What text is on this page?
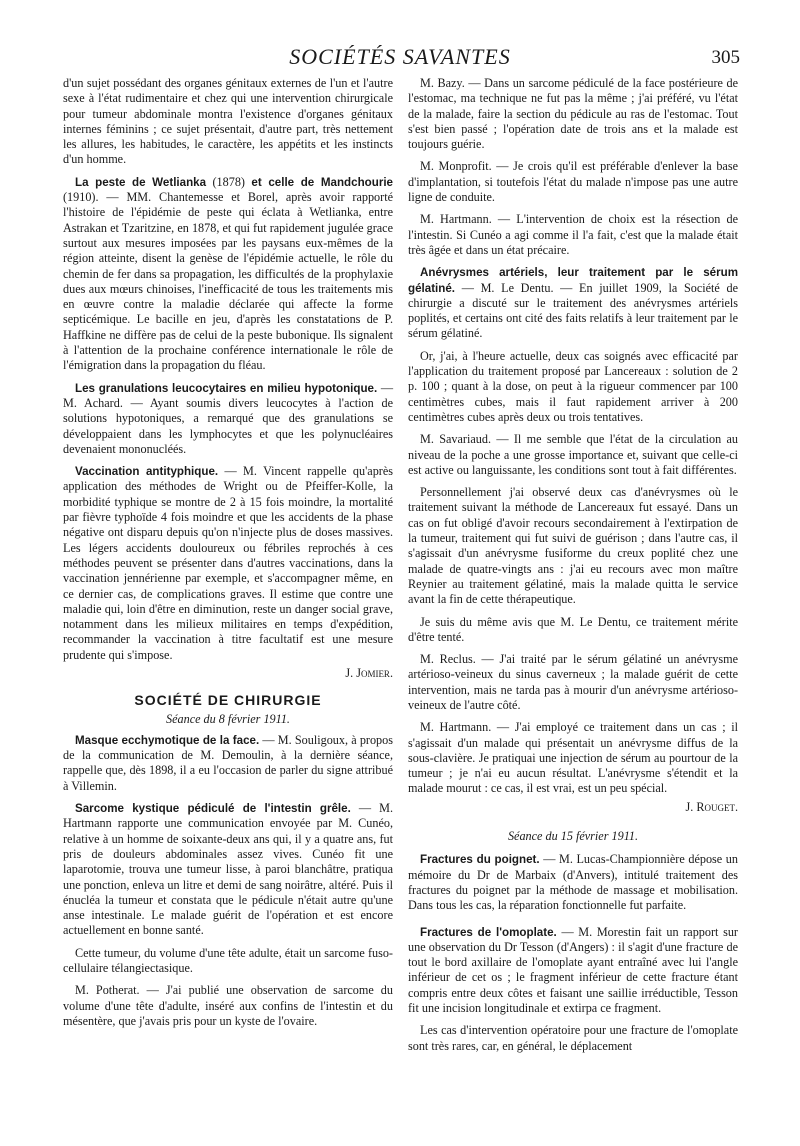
SOCIÉTÉS SAVANTES	305

d'un sujet possédant des organes génitaux externes de l'un et l'autre sexe à l'état rudimentaire et chez qui une intervention chirurgicale pour tumeur abdominale montra l'existence d'organes génitaux internes féminins ; ce sujet présentait, d'autre part, très nettement les allures, les habitudes, le caractère, les appétits et les instincts d'un homme.

La peste de Wetlianka (1878) et celle de Mandchourie (1910). — MM. Chantemesse et Borel, après avoir rapporté l'histoire de l'épidémie de peste qui éclata à Wetlianka, entre Astrakan et Tzaritzine, en 1878, et qui fut rapidement jugulée grace surtout aux mesures imposées par les paysans eux-mêmes de la région atteinte, disent la genèse de l'épidémie actuelle, le rôle du chemin de fer dans sa propagation, les difficultés de la prophylaxie dues aux mœurs chinoises, l'inefficacité de tous les traitements mis en œuvre contre la maladie déclarée qui affecte la forme septicémique. Le bacille en jeu, d'après les constatations de P. Haffkine ne diffère pas de celui de la peste bubonique. Ils signalent à l'attention de la prochaine conférence internationale le rôle de l'émigration dans la propagation du fléau.

Les granulations leucocytaires en milieu hypotonique. — M. Achard. — Ayant soumis divers leucocytes à l'action de solutions hypotoniques, a remarqué que des granulations se développaient dans les lymphocytes et que les polynucléaires devenaient mononucléés.

Vaccination antityphique. — M. Vincent rappelle qu'après application des méthodes de Wright ou de Pfeiffer-Kolle, la morbidité typhique se montre de 2 à 15 fois moindre, la mortalité par fièvre typhoïde 4 fois moindre et que les accidents de la phase négative ont disparu depuis qu'on n'injecte plus de doses massives. Les légers accidents douloureux ou fébriles reprochés à ces méthodes peuvent se présenter dans d'autres vaccinations, dans la vaccination jennérienne par exemple, et s'accompagner même, en ce dernier cas, de complications graves. Il estime que contre une maladie qui, loin d'être en diminution, reste un danger social grave, notamment dans les milieux militaires en temps d'expédition, recommander la vaccination à titre facultatif est une mesure prudente qui s'impose.

J. Jomier.
SOCIÉTÉ DE CHIRURGIE
Séance du 8 février 1911.

Masque ecchymotique de la face. — M. Souligoux, à propos de la communication de M. Demoulin, à la dernière séance, rappelle que, dès 1898, il a eu l'occasion de parler du signe attribué à Villemin.

Sarcome kystique pédiculé de l'intestin grêle. — M. Hartmann rapporte une communication envoyée par M. Cunéo, relative à un homme de soixante-deux ans qui, il y a quatre ans, fut pris de douleurs abdominales assez vives. Cunéo fit une laparotomie, trouva une tumeur lisse, à paroi blanchâtre, pratiqua une ponction, enleva un litre et demi de sang noirâtre, altéré. Puis il énucléa la tumeur et constata que le pédicule n'était autre qu'une anse intestinale. Le malade guérit de l'opération et est encore actuellement en bonne santé.

Cette tumeur, du volume d'une tête adulte, était un sarcome fuso-cellulaire télangiectasique.

M. Potherat. — J'ai publié une observation de sarcome du volume d'une tête d'adulte, inséré aux confins de l'intestin et du mésentère, que j'avais pris pour un kyste de l'ovaire.

M. Bazy. — Dans un sarcome pédiculé de la face postérieure de l'estomac, ma technique ne fut pas la même ; j'ai préféré, vu l'état de la malade, faire la section du pédicule au ras de l'estomac. Tout s'est bien passé ; l'opération date de trois ans et la malade est toujours guérie.

M. Monprofit. — Je crois qu'il est préférable d'enlever la base d'implantation, si toutefois l'état du malade n'impose pas une autre ligne de conduite.

M. Hartmann. — L'intervention de choix est la résection de l'intestin. Si Cunéo a agi comme il l'a fait, c'est que la malade était très âgée et dans un état précaire.

Anévrysmes artériels, leur traitement par le sérum gélatiné. — M. Le Dentu. — En juillet 1909, la Société de chirurgie a discuté sur le traitement des anévrysmes artériels poplités, et certains ont cité des faits relatifs à leur traitement par le sérum gélatiné.

Or, j'ai, à l'heure actuelle, deux cas soignés avec efficacité par l'application du traitement proposé par Lancereaux : solution de 2 p. 100 ; quant à la dose, on peut à la rigueur commencer par 100 centimètres cubes, mais il faut rapidement arriver à 200 centimètres cubes après deux ou trois tentatives.

M. Savariaud. — Il me semble que l'état de la circulation au niveau de la poche a une grosse importance et, suivant que celle-ci est active ou languissante, les conditions sont tout à fait différentes.

Personnellement j'ai observé deux cas d'anévrysmes où le traitement suivant la méthode de Lancereaux fut essayé. Dans un cas on fut obligé d'avoir recours secondairement à l'extirpation de la tumeur, traitement qui fut suivi de guérison ; dans l'autre cas, il s'agissait d'un anévrysme fusiforme du creux poplité chez une malade de quatre-vingts ans : j'ai eu recours avec mon maître Reynier au traitement gélatiné, mais la malade quitta le service avant la fin de cette thérapeutique.

Je suis du même avis que M. Le Dentu, ce traitement mérite d'être tenté.

M. Reclus. — J'ai traité par le sérum gélatiné un anévrysme artérioso-veineux du sinus caverneux ; la malade guérit de cette intervention, mais ne tarda pas à mourir d'un anévrysme artérioso-veineux de l'autre côté.

M. Hartmann. — J'ai employé ce traitement dans un cas ; il s'agissait d'un malade qui présentait un anévrysme diffus de la sous-clavière. Je pratiquai une injection de sérum au pourtour de la tumeur ; je n'ai eu aucun résultat. L'anévrysme s'étendit et la malade mourut : ce cas, il est vrai, est un peu spécial.

J. Rouget.
Séance du 15 février 1911.

Fractures du poignet. — M. Lucas-Championnière dépose un mémoire du Dr de Marbaix (d'Anvers), intitulé traitement des fractures du poignet par la méthode de massage et mobilisation. Dans tous les cas, la réparation fonctionnelle fut parfaite.

Fractures de l'omoplate. — M. Morestin fait un rapport sur une observation du Dr Tesson (d'Angers) : il s'agit d'une fracture de tout le bord axillaire de l'omoplate ayant entraîné avec lui l'angle inférieur de cet os ; le fragment inférieur de cette fracture étant compris entre deux côtes et faisant une saillie irréductible, Tesson fit une incision longitudinale et extirpa ce fragment.

Les cas d'intervention opératoire pour une fracture de l'omoplate sont très rares, car, en général, le déplacement
